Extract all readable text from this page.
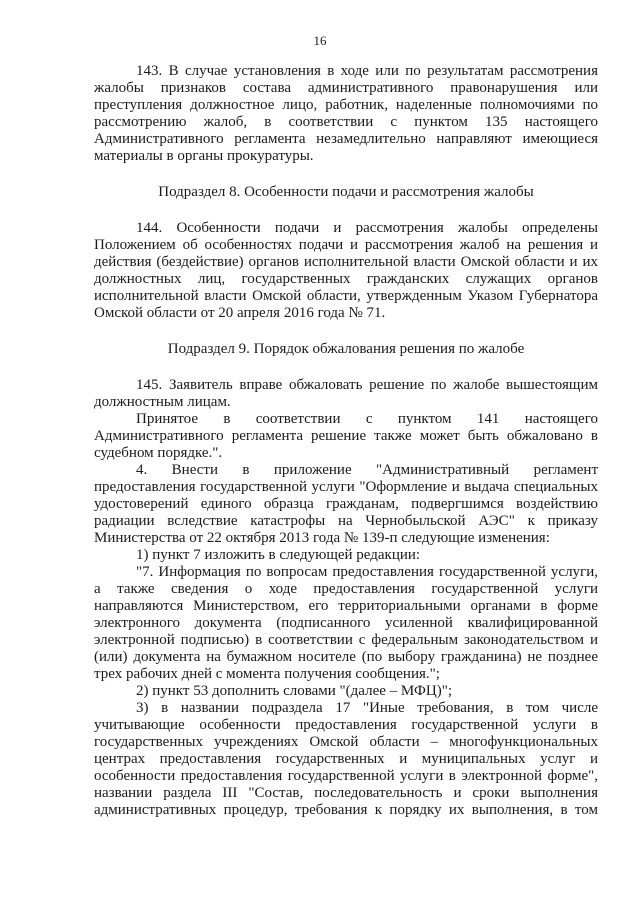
16
143. В случае установления в ходе или по результатам рассмотрения
жалобы признаков состава административного правонарушения или
преступления должностное лицо, работник, наделенные полномочиями по
рассмотрению жалоб, в соответствии с пунктом 135 настоящего
Административного регламента незамедлительно направляют имеющиеся
материалы в органы прокуратуры.
Подраздел 8. Особенности подачи и рассмотрения жалобы
144. Особенности подачи и рассмотрения жалобы определены
Положением об особенностях подачи и рассмотрения жалоб на решения и
действия (бездействие) органов исполнительной власти Омской области и их
должностных лиц, государственных гражданских служащих органов
исполнительной власти Омской области, утвержденным Указом Губернатора
Омской области от 20 апреля 2016 года № 71.
Подраздел 9. Порядок обжалования решения по жалобе
145. Заявитель вправе обжаловать решение по жалобе вышестоящим
должностным лицам.
Принятое в соответствии с пунктом 141 настоящего
Административного регламента решение также может быть обжаловано в
судебном порядке.".
4. Внести в приложение "Административный регламент
предоставления государственной услуги "Оформление и выдача специальных
удостоверений единого образца гражданам, подвергшимся воздействию
радиации вследствие катастрофы на Чернобыльской АЭС" к приказу
Министерства от 22 октября 2013 года № 139-п следующие изменения:
1) пункт 7 изложить в следующей редакции:
"7. Информация по вопросам предоставления государственной услуги,
а также сведения о ходе предоставления государственной услуги
направляются Министерством, его территориальными органами в форме
электронного документа (подписанного усиленной квалифицированной
электронной подписью) в соответствии с федеральным законодательством и
(или) документа на бумажном носителе (по выбору гражданина) не позднее
трех рабочих дней с момента получения сообщения.";
2) пункт 53 дополнить словами "(далее – МФЦ)";
3) в названии подраздела 17 "Иные требования, в том числе
учитывающие особенности предоставления государственной услуги в
государственных учреждениях Омской области – многофункциональных
центрах предоставления государственных и муниципальных услуг и
особенности предоставления государственной услуги в электронной форме",
названии раздела III "Состав, последовательность и сроки выполнения
административных процедур, требования к порядку их выполнения, в том
